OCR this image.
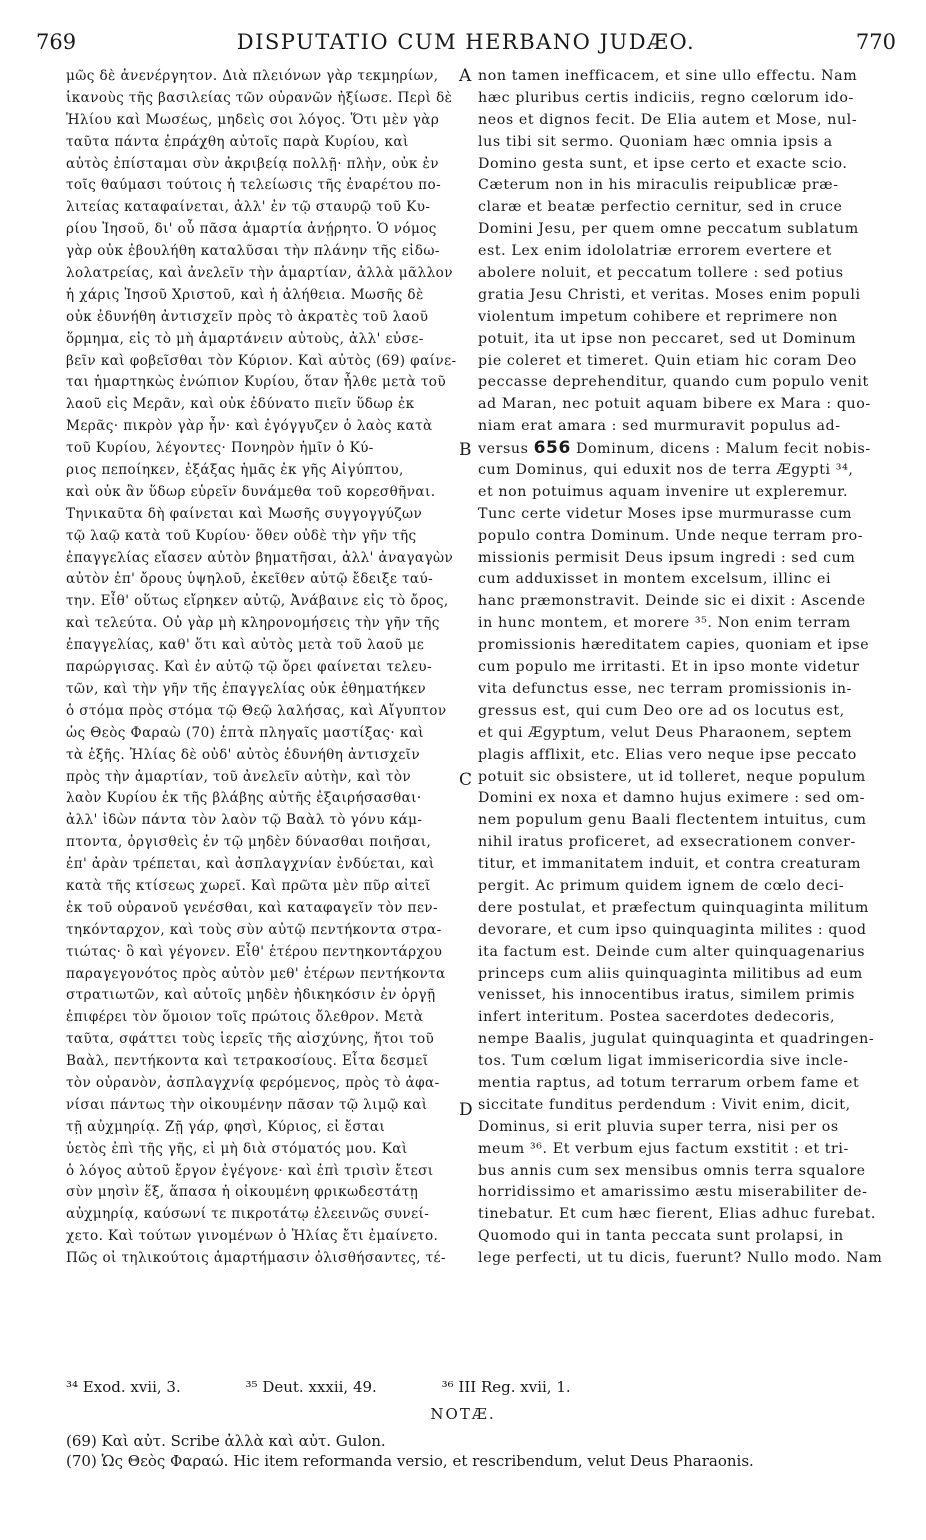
769	DISPUTATIO CUM HERBANO JUDÆO.	770
μῶς δὲ ἀνενέργητον. Διὰ πλειόνων γὰρ τεκμηρίων,
ἱκανοὺς τῆς βασιλείας τῶν οὐρανῶν ἠξίωσε. Περὶ δὲ
Ἡλίου καὶ Μωσέως, μηδεὶς σοι λόγος. Ὅτι μὲν γὰρ
ταῦτα πάντα ἐπράχθη αὐτοῖς παρὰ Κυρίου, καὶ
αὐτὸς ἐπίσταμαι σὺν ἀκριβείᾳ πολλῇ· πλὴν, οὐκ ἐν
τοῖς θαύμασι τούτοις ἡ τελείωσις τῆς ἐναρέτου πο-
λιτείας καταφαίνεται, ἀλλ' ἐν τῷ σταυρῷ τοῦ Κυ-
ρίου Ἰησοῦ, δι' οὗ πᾶσα ἁμαρτία ἀνῄρητο. Ὁ νόμος
γὰρ οὐκ ἐβουλήθη καταλῦσαι τὴν πλάνην τῆς εἰδω-
λολατρείας, καὶ ἀνελεῖν τὴν ἁμαρτίαν, ἀλλὰ μᾶλλον
ἡ χάρις Ἰησοῦ Χριστοῦ, καὶ ἡ ἀλήθεια. Μωσῆς δὲ
οὐκ ἐδυνήθη ἀντισχεῖν πρὸς τὸ ἀκρατὲς τοῦ λαοῦ
ὅρμημα, εἰς τὸ μὴ ἁμαρτάνειν αὐτοὺς, ἀλλ' εὐσε-
βεῖν καὶ φοβεῖσθαι τὸν Κύριον. Καὶ αὐτὸς (69) φαίνε-
ται ἡμαρτηκὼς ἐνώπιον Κυρίου, ὅταν ἦλθε μετὰ τοῦ
λαοῦ εἰς Μερᾶν, καὶ οὐκ ἐδύνατο πιεῖν ὕδωρ ἐκ
Μερᾶς· πικρὸν γὰρ ἦν· καὶ ἐγόγγυζεν ὁ λαὸς κατὰ
τοῦ Κυρίου, λέγοντες· Πονηρὸν ἡμῖν ὁ Κύ-
ριος πεποίηκεν, ἐξάξας ἡμᾶς ἐκ γῆς Αἰγύπτου,
καὶ οὐκ ἂν ὕδωρ εὑρεῖν δυνάμεθα τοῦ κορεσθῆναι.
Τηνικαῦτα δὴ φαίνεται καὶ Μωσῆς συγγογγύζων
τῷ λαῷ κατὰ τοῦ Κυρίου· ὅθεν οὐδὲ τὴν γῆν τῆς
ἐπαγγελίας εἴασεν αὐτὸν βηματῆσαι, ἀλλ' ἀναγαγὼν
αὐτὸν ἐπ' ὄρους ὑψηλοῦ, ἐκεῖθεν αὐτῷ ἔδειξε ταύ-
την. Εἶθ' οὕτως εἴρηκεν αὐτῷ, Ἀνάβαινε εἰς τὸ ὄρος,
καὶ τελεύτα. Οὐ γὰρ μὴ κληρονομήσεις τὴν γῆν τῆς
ἐπαγγελίας, καθ' ὅτι καὶ αὐτὸς μετὰ τοῦ λαοῦ με
παρώργισας. Καὶ ἐν αὐτῷ τῷ ὄρει φαίνεται τελευ-
τῶν, καὶ τὴν γῆν τῆς ἐπαγγελίας οὐκ ἐθηματήκεν
ὁ στόμα πρὸς στόμα τῷ Θεῷ λαλήσας, καὶ Αἴγυπτον
ὡς Θεὸς Φαραὼ (70) ἑπτὰ πληγαῖς μαστίξας· καὶ
τὰ ἑξῆς. Ἠλίας δὲ οὐδ' αὐτὸς ἐδυνήθη ἀντισχεῖν
πρὸς τὴν ἁμαρτίαν, τοῦ ἀνελεῖν αὐτὴν, καὶ τὸν
λαὸν Κυρίου ἐκ τῆς βλάβης αὐτῆς ἐξαιρήσασθαι·
ἀλλ' ἰδὼν πάντα τὸν λαὸν τῷ Βαὰλ τὸ γόνυ κάμ-
πτοντα, ὀργισθεὶς ἐν τῷ μηδὲν δύνασθαι ποιῆσαι,
ἐπ' ἀρὰν τρέπεται, καὶ ἀσπλαγχνίαν ἐνδύεται, καὶ
κατὰ τῆς κτίσεως χωρεῖ. Καὶ πρῶτα μὲν πῦρ αἰτεῖ
ἐκ τοῦ οὐρανοῦ γενέσθαι, καὶ καταφαγεῖν τὸν πεν-
τηκόνταρχον, καὶ τοὺς σὺν αὐτῷ πεντήκοντα στρα-
τιώτας· ὃ καὶ γέγονεν. Εἶθ' ἑτέρου πεντηκοντάρχου
παραγεγονότος πρὸς αὐτὸν μεθ' ἑτέρων πεντήκοντα
στρατιωτῶν, καὶ αὐτοῖς μηδὲν ἠδικηκόσιν ἐν ὀργῇ
ἐπιφέρει τὸν ὅμοιον τοῖς πρώτοις ὄλεθρον. Μετὰ
ταῦτα, σφάττει τοὺς ἱερεῖς τῆς αἰσχύνης, ἤτοι τοῦ
Βαὰλ, πεντήκοντα καὶ τετρακοσίους. Εἶτα δεσμεῖ
τὸν οὐρανὸν, ἀσπλαγχνίᾳ φερόμενος, πρὸς τὸ ἀφα-
νίσαι πάντως τὴν οἰκουμένην πᾶσαν τῷ λιμῷ καὶ
τῇ αὐχμηρίᾳ. Ζῇ γάρ, φησὶ, Κύριος, εἰ ἔσται
ὑετὸς ἐπὶ τῆς γῆς, εἰ μὴ διὰ στόματός μου. Καὶ
ὁ λόγος αὐτοῦ ἔργον ἐγέγονε· καὶ ἐπὶ τρισὶν ἔτεσι
σὺν μησὶν ἕξ, ἅπασα ἡ οἰκουμένη φρικωδεστάτῃ
αὐχμηρίᾳ, καύσωνί τε πικροτάτῳ ἐλεεινῶς συνεί-
χετο. Καὶ τούτων γινομένων ὁ Ἠλίας ἔτι ἐμαίνετο.
Πῶς οἱ τηλικούτοις ἁμαρτήμασιν ὀλισθήσαντες, τέ-
non tamen inefficacem, et sine ullo effectu. Nam
hæc pluribus certis indiciis, regno cœlorum ido-
neos et dignos fecit. De Elia autem et Mose, nul-
lus tibi sit sermo. Quoniam hæc omnia ipsis a
Domino gesta sunt, et ipse certo et exacte scio.
Cæterum non in his miraculis reipublicæ præ-
claræ et beatæ perfectio cernitur, sed in cruce
Domini Jesu, per quem omne peccatum sublatum
est. Lex enim idololatriæ errorem evertere et
abolere noluit, et peccatum tollere : sed potius
gratia Jesu Christi, et veritas. Moses enim populi
violentum impetum cohibere et reprimere non
potuit, ita ut ipse non peccaret, sed ut Dominum
pie coleret et timeret. Quin etiam hic coram Deo
peccasse deprehenditur, quando cum populo venit
ad Maran, nec potuit aquam bibere ex Mara : quo-
niam erat amara : sed murmuravit populus ad-
versus 656 Dominum, dicens : Malum fecit nobis-
cum Dominus, qui eduxit nos de terra Ægypti ³⁴,
et non potuimus aquam invenire ut expleremur.
Tunc certe videtur Moses ipse murmurasse cum
populo contra Dominum. Unde neque terram pro-
missionis permisit Deus ipsum ingredi : sed cum
cum adduxisset in montem excelsum, illinc ei
hanc præmonstravit. Deinde sic ei dixit : Ascende
in hunc montem, et morere ³⁵. Non enim terram
promissionis hæreditatem capies, quoniam et ipse
cum populo me irritasti. Et in ipso monte videtur
vita defunctus esse, nec terram promissionis in-
gressus est, qui cum Deo ore ad os locutus est,
et qui Ægyptum, velut Deus Pharaonem, septem
plagis afflixit, etc. Elias vero neque ipse peccato
potuit sic obsistere, ut id tolleret, neque populum
Domini ex noxa et damno hujus eximere : sed om-
nem populum genu Baali flectentem intuitus, cum
nihil iratus proficeret, ad exsecrationem conver-
titur, et immanitatem induit, et contra creaturam
pergit. Ac primum quidem ignem de cœlo deci-
dere postulat, et præfectum quinquaginta militum
devorare, et cum ipso quinquaginta milites : quod
ita factum est. Deinde cum alter quinquagenarius
princeps cum aliis quinquaginta militibus ad eum
venisset, his innocentibus iratus, similem primis
infert interitum. Postea sacerdotes dedecoris,
nempe Baalis, jugulat quinquaginta et quadringen-
tos. Tum cœlum ligat immisericordia sive incle-
mentia raptus, ad totum terrarum orbem fame et
siccitate funditus perdendum : Vivit enim, dicit,
Dominus, si erit pluvia super terra, nisi per os
meum ³⁶. Et verbum ejus factum exstitit : et tri-
bus annis cum sex mensibus omnis terra squalore
horridissimo et amarissimo æstu miserabiliter de-
tinebatur. Et cum hæc fierent, Elias adhuc furebat.
Quomodo qui in tanta peccata sunt prolapsi, in
lege perfecti, ut tu dicis, fuerunt? Nullo modo. Nam
A
B
C
D
³⁴ Exod. xvii, 3.	³⁵ Deut. xxxii, 49.	³⁶ III Reg. xvii, 1.
NOTÆ.
(69) Καὶ αὐτ. Scribe ἀλλὰ καὶ αὐτ. Gulon.
(70) Ὡς Θεὸς Φαραώ. Hic item reformanda versio, et rescribendum, velut Deus Pharaonis.
